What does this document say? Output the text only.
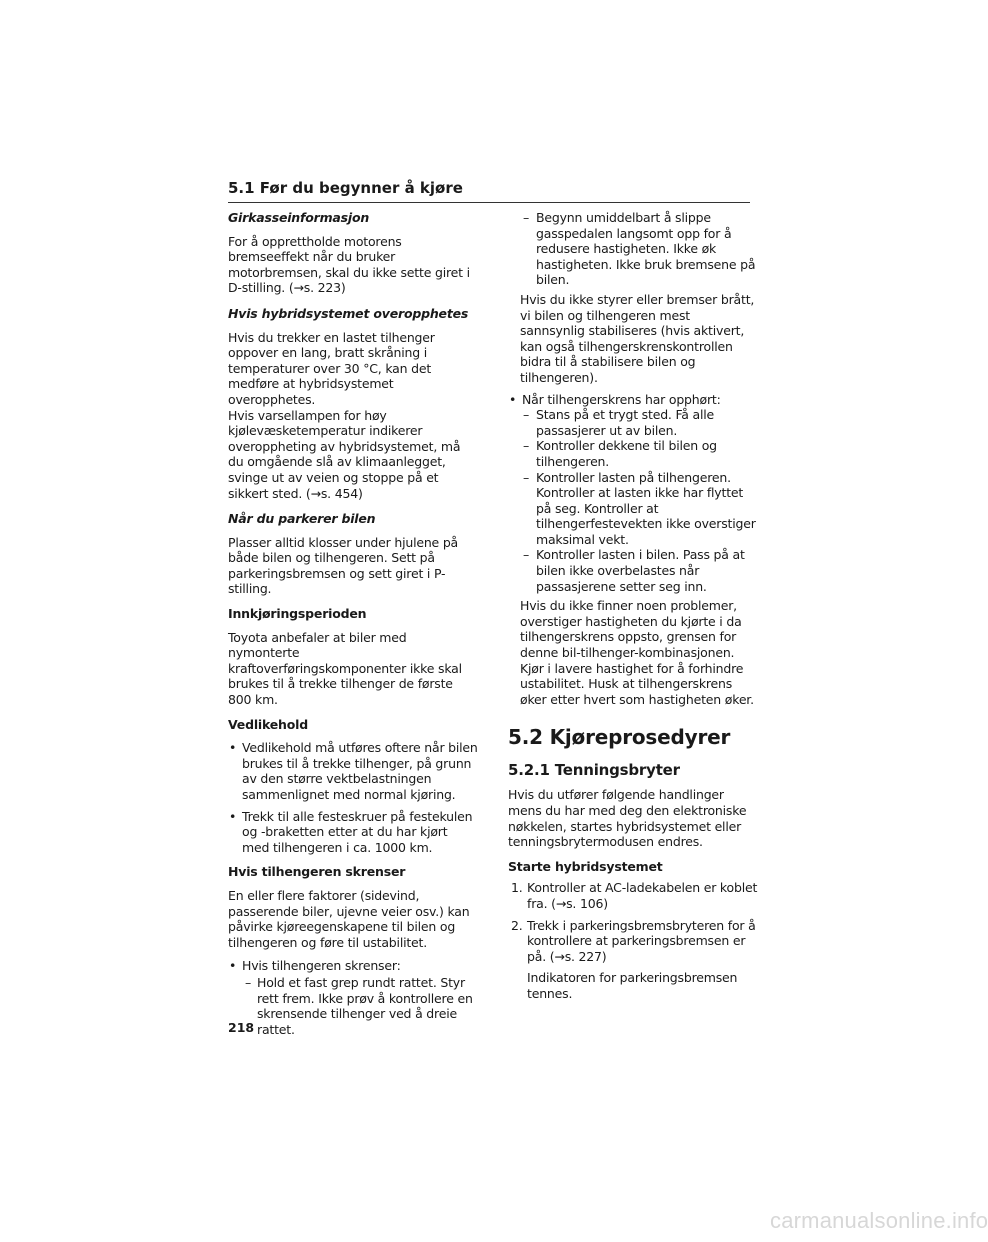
5.1 Før du begynner å kjøre

Girkasseinformasjon

For å opprettholde motorens bremseeffekt når du bruker motorbremsen, skal du ikke sette giret i D-stilling. (→s. 223)

Hvis hybridsystemet overopphetes

Hvis du trekker en lastet tilhenger oppover en lang, bratt skråning i temperaturer over 30 °C, kan det medføre at hybridsystemet overopphetes.

Hvis varsellampen for høy kjølevæsketemperatur indikerer overoppheting av hybridsystemet, må du omgående slå av klimaanlegget, svinge ut av veien og stoppe på et sikkert sted. (→s. 454)

Når du parkerer bilen

Plasser alltid klosser under hjulene på både bilen og tilhengeren. Sett på parkeringsbremsen og sett giret i P-stilling.

Innkjøringsperioden

Toyota anbefaler at biler med nymonterte kraftoverføringskomponenter ikke skal brukes til å trekke tilhenger de første 800 km.

Vedlikehold

• Vedlikehold må utføres oftere når bilen brukes til å trekke tilhenger, på grunn av den større vektbelastningen sammenlignet med normal kjøring.
• Trekk til alle festeskruer på festekulen og -braketten etter at du har kjørt med tilhengeren i ca. 1000 km.

Hvis tilhengeren skrenser

En eller flere faktorer (sidevind, passerende biler, ujevne veier osv.) kan påvirke kjøreegenskapene til bilen og tilhengeren og føre til ustabilitet.

• Hvis tilhengeren skrenser:
– Hold et fast grep rundt rattet. Styr rett frem. Ikke prøv å kontrollere en skrensende tilhenger ved å dreie rattet.
– Begynn umiddelbart å slippe gasspedalen langsomt opp for å redusere hastigheten. Ikke øk hastigheten. Ikke bruk bremsene på bilen.

Hvis du ikke styrer eller bremser brått, vi bilen og tilhengeren mest sannsynlig stabiliseres (hvis aktivert, kan også tilhengerskrenskontrollen bidra til å stabilisere bilen og tilhengeren).

• Når tilhengerskrens har opphørt:
– Stans på et trygt sted. Få alle passasjerer ut av bilen.
– Kontroller dekkene til bilen og tilhengeren.
– Kontroller lasten på tilhengeren. Kontroller at lasten ikke har flyttet på seg. Kontroller at tilhengerfestevekten ikke overstiger maksimal vekt.
– Kontroller lasten i bilen. Pass på at bilen ikke overbelastes når passasjerene setter seg inn.

Hvis du ikke finner noen problemer, overstiger hastigheten du kjørte i da tilhengerskrens oppsto, grensen for denne bil-tilhenger-kombinasjonen. Kjør i lavere hastighet for å forhindre ustabilitet. Husk at tilhengerskrens øker etter hvert som hastigheten øker.

5.2 Kjøreprosedyrer

5.2.1 Tenningsbryter

Hvis du utfører følgende handlinger mens du har med deg den elektroniske nøkkelen, startes hybridsystemet eller tenningsbrytermodusen endres.

Starte hybridsystemet

1. Kontroller at AC-ladekabelen er koblet fra. (→s. 106)
2. Trekk i parkeringsbremsbryteren for å kontrollere at parkeringsbremsen er på. (→s. 227)

Indikatoren for parkeringsbremsen tennes.

218
carmanualsonline.info
